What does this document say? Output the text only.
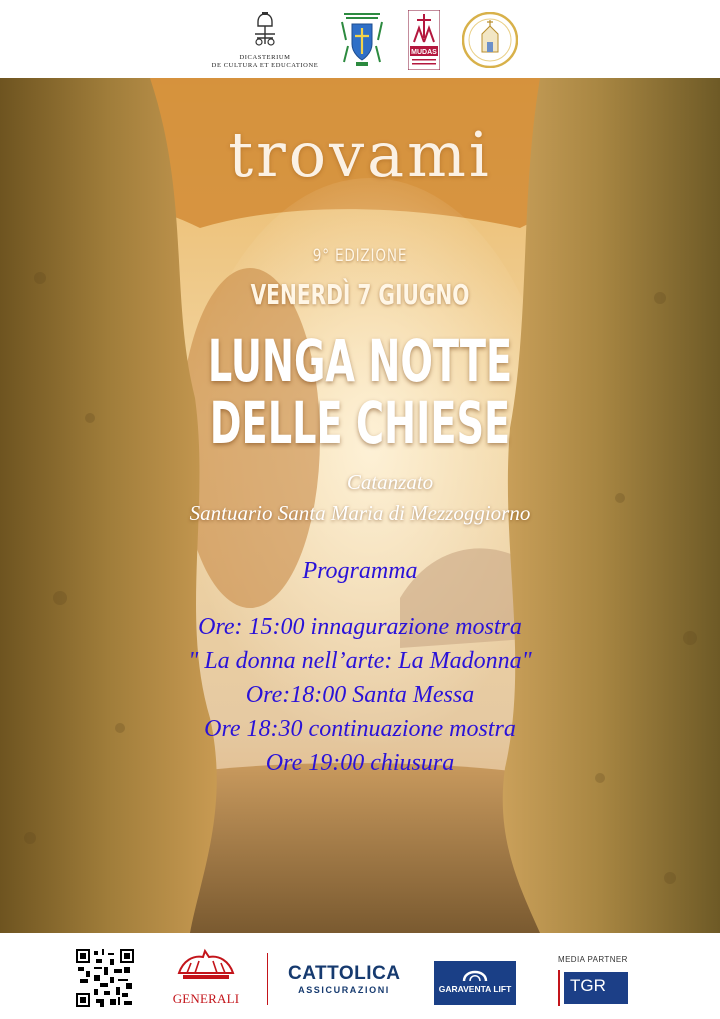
DICASTERIUM
DE CULTURA ET EDUCATIONE
MUDAS
trovami
9° EDIZIONE
VENERDÌ 7 GIUGNO
LUNGA NOTTE
DELLE CHIESE
Catanzato
Santuario Santa Maria di Mezzoggiorno
Programma
Ore: 15:00 innagurazione mostra
" La donna nell’arte: La Madonna"
Ore:18:00 Santa Messa
Ore 18:30 continuazione mostra
Ore 19:00 chiusura
GENERALI
CATTOLICA
ASSICURAZIONI	GARAVENTA LIFT
MEDIA PARTNER
TGR
